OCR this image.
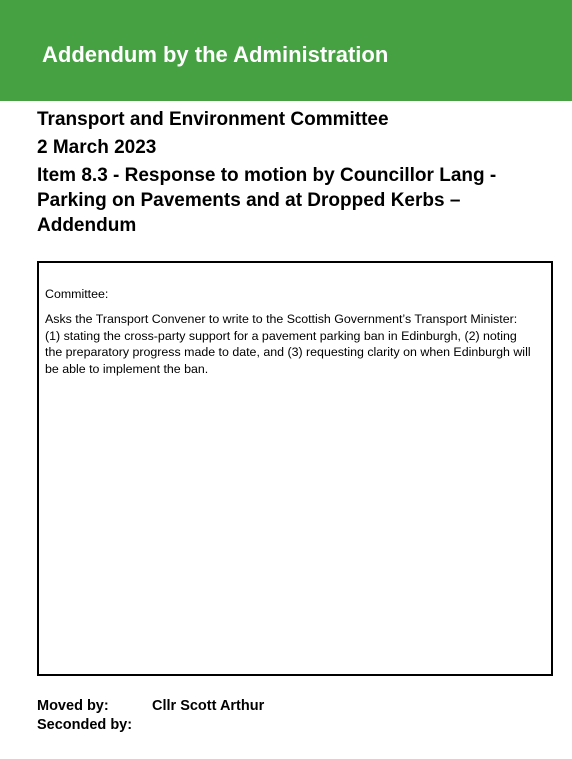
Addendum by the Administration
Transport and Environment Committee
2 March 2023
Item 8.3 - Response to motion by Councillor Lang -
Parking on Pavements and at Dropped Kerbs –
Addendum
Committee:
Asks the Transport Convener to write to the Scottish Government’s Transport Minister:
(1) stating the cross-party support for a pavement parking ban in Edinburgh, (2) noting
the preparatory progress made to date, and (3) requesting clarity on when Edinburgh will
be able to implement the ban.
Moved by:	Cllr Scott Arthur
Seconded by:
